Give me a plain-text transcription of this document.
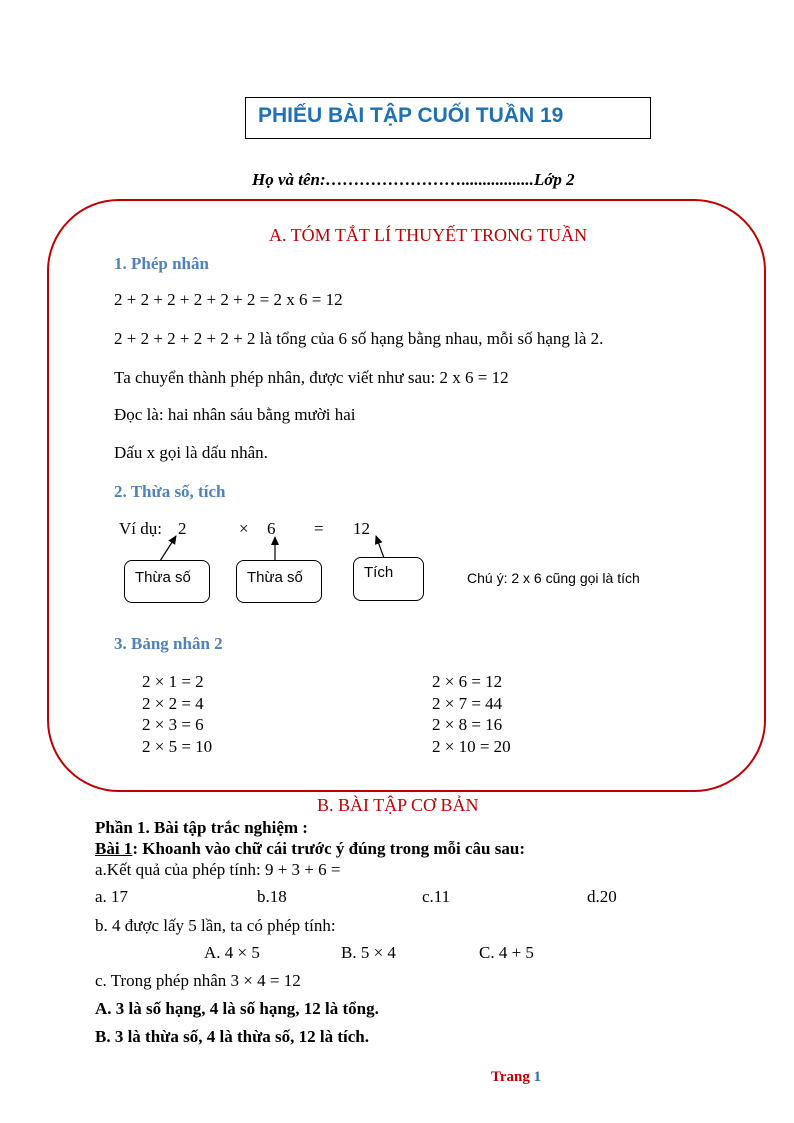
PHIẾU BÀI TẬP CUỐI TUẦN 19
Họ và tên:…………………….................Lớp 2
A. TÓM TẮT LÍ THUYẾT TRONG TUẦN
1. Phép nhân
2 + 2 + 2 + 2 + 2 + 2 = 2 x 6 = 12
2 + 2 + 2 + 2 + 2 + 2 là tổng của 6 số hạng bằng nhau, mỗi số hạng là 2.
Ta chuyển thành phép nhân, được viết như sau: 2 x 6 = 12
Đọc là: hai nhân sáu bằng mười hai
Dấu x gọi là dấu nhân.
2. Thừa số, tích
Ví dụ: 2	× 6 = 12
Thừa số	Thừa số	Tích	Chú ý: 2 x 6 cũng gọi là tích
3. Bảng nhân 2
2 × 1 = 2
2 × 2 = 4
2 × 3 = 6
2 × 5 = 10
2 × 6 = 12
2 × 7 = 44
2 × 8 = 16
2 × 10 = 20
B. BÀI TẬP CƠ BẢN
Phần 1. Bài tập trắc nghiệm :
Bài 1: Khoanh vào chữ cái trước ý đúng trong mỗi câu sau:
a.Kết quả của phép tính: 9 + 3 + 6 =
a. 17	b.18	c.11	d.20
b. 4 được lấy 5 lần, ta có phép tính:
A. 4 × 5	B. 5 × 4	C. 4 + 5
c. Trong phép nhân 3 × 4 = 12
A. 3 là số hạng, 4 là số hạng, 12 là tổng.
B. 3 là thừa số, 4 là thừa số, 12 là tích.
Trang 1
